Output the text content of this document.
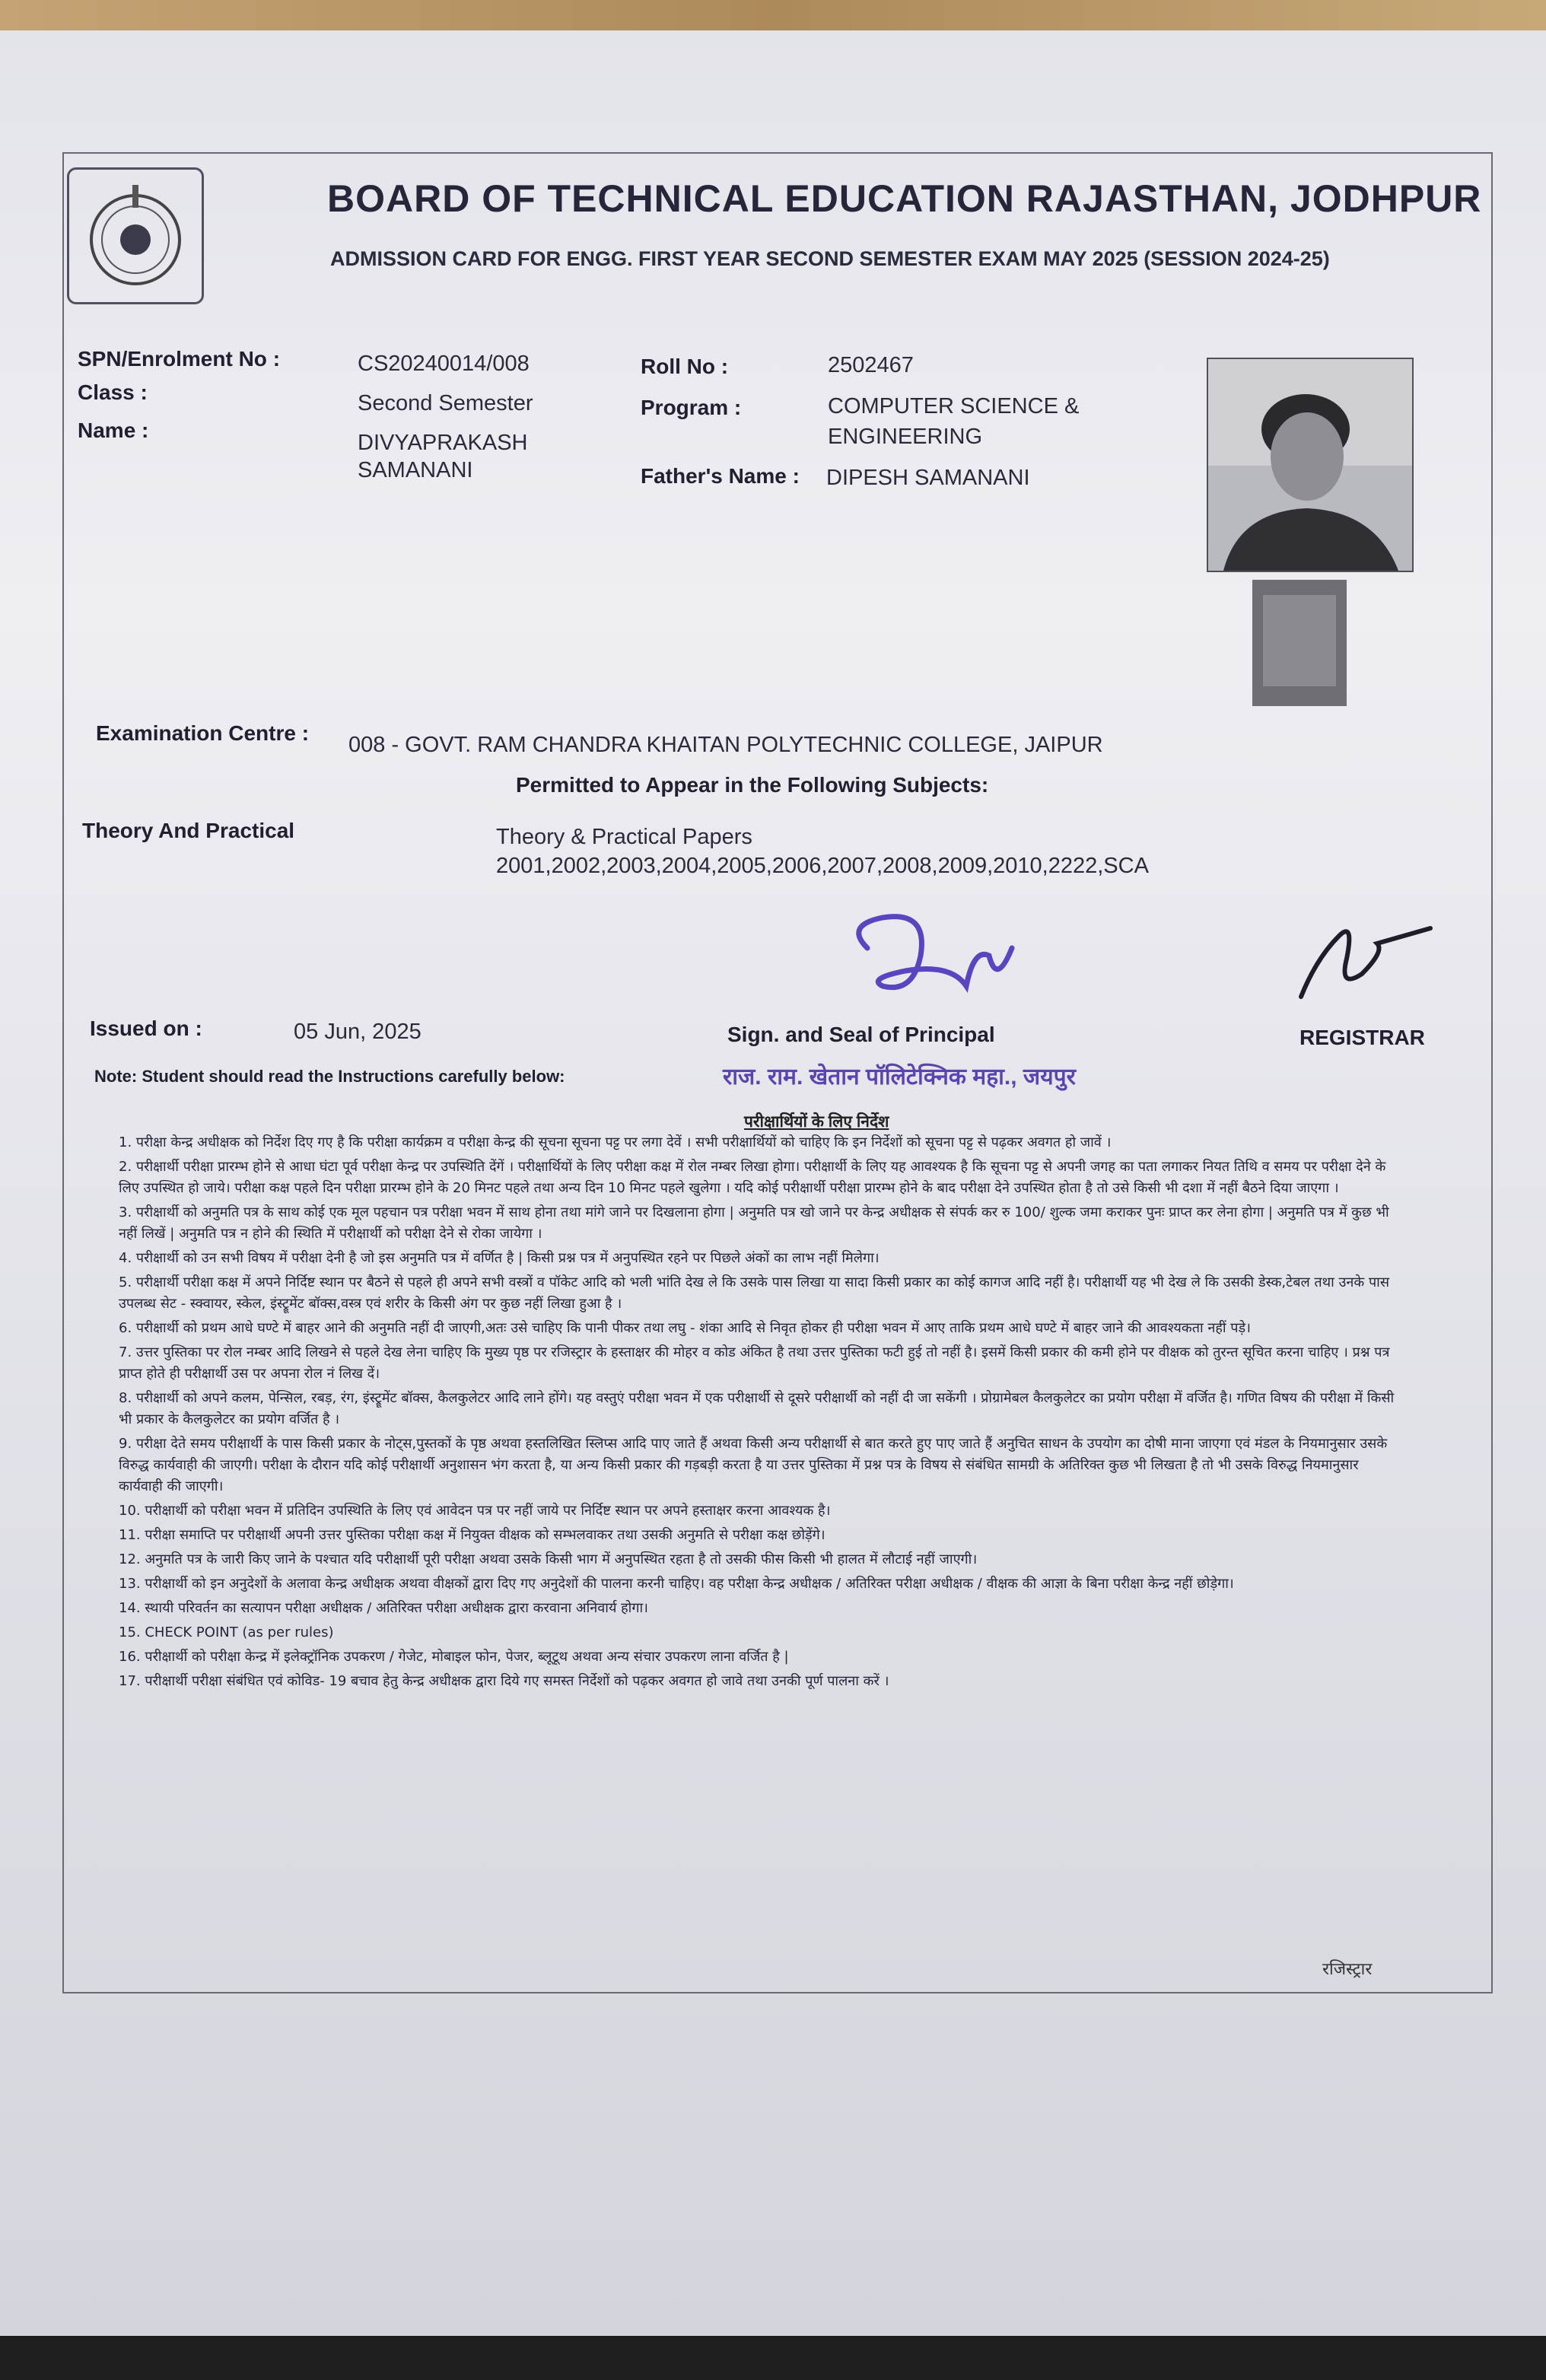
BOARD OF TECHNICAL EDUCATION RAJASTHAN, JODHPUR
ADMISSION CARD FOR ENGG. FIRST YEAR SECOND SEMESTER EXAM MAY 2025 (SESSION 2024-25)
SPN/Enrolment No :	CS20240014/008
Class :	Second Semester
Name :
DIVYAPRAKASH
SAMANANI
Roll No :	2502467
Program :	COMPUTER SCIENCE &
ENGINEERING
Father's Name : DIPESH SAMANANI
Examination Centre : 008 - GOVT. RAM CHANDRA KHAITAN POLYTECHNIC COLLEGE, JAIPUR
Permitted to Appear in the Following Subjects:
Theory And Practical	Theory & Practical Papers
2001,2002,2003,2004,2005,2006,2007,2008,2009,2010,2222,SCA
Issued on :	05 Jun, 2025	Sign. and Seal of Principal	REGISTRAR
Note: Student should read the Instructions carefully below:	राज. राम. खेतान पॉलिटेक्निक महा., जयपुर
परीक्षार्थियों के लिए निर्देश

1. परीक्षा केन्द्र अधीक्षक को निर्देश दिए गए है कि परीक्षा कार्यक्रम व परीक्षा केन्द्र की सूचना सूचना पट्ट पर लगा देवें । सभी परीक्षार्थियों को चाहिए कि इन निर्देशों को सूचना पट्ट से पढ़कर अवगत हो जावें ।

2. परीक्षार्थी परीक्षा प्रारम्भ होने से आधा घंटा पूर्व परीक्षा केन्द्र पर उपस्थिति देंगें । परीक्षार्थियों के लिए परीक्षा कक्ष में रोल नम्बर लिखा होगा। परीक्षार्थी के लिए यह आवश्यक है कि सूचना पट्ट से अपनी जगह का पता लगाकर नियत तिथि व समय पर परीक्षा देने के लिए उपस्थित हो जाये। परीक्षा कक्ष पहले दिन परीक्षा प्रारम्भ होने के 20 मिनट पहले तथा अन्य दिन 10 मिनट पहले खुलेगा । यदि कोई परीक्षार्थी परीक्षा प्रारम्भ होने के बाद परीक्षा देने उपस्थित होता है तो उसे किसी भी दशा में नहीं बैठने दिया जाएगा ।

3. परीक्षार्थी को अनुमति पत्र के साथ कोई एक मूल पहचान पत्र परीक्षा भवन में साथ होना तथा मांगे जाने पर दिखलाना होगा | अनुमति पत्र खो जाने पर केन्द्र अधीक्षक से संपर्क कर रु 100/ शुल्क जमा कराकर पुनः प्राप्त कर लेना होगा | अनुमति पत्र में कुछ भी नहीं लिखें | अनुमति पत्र न होने की स्थिति में परीक्षार्थी को परीक्षा देने से रोका जायेगा ।

4. परीक्षार्थी को उन सभी विषय में परीक्षा देनी है जो इस अनुमति पत्र में वर्णित है | किसी प्रश्न पत्र में अनुपस्थित रहने पर पिछले अंकों का लाभ नहीं मिलेगा।

5. परीक्षार्थी परीक्षा कक्ष में अपने निर्दिष्ट स्थान पर बैठने से पहले ही अपने सभी वस्त्रों व पॉकेट आदि को भली भांति देख ले कि उसके पास लिखा या सादा किसी प्रकार का कोई कागज आदि नहीं है। परीक्षार्थी यह भी देख ले कि उसकी डेस्क,टेबल तथा उनके पास उपलब्ध सेट - स्क्वायर, स्केल, इंस्ट्रूमेंट बॉक्स,वस्त्र एवं शरीर के किसी अंग पर कुछ नहीं लिखा हुआ है ।

6. परीक्षार्थी को प्रथम आधे घण्टे में बाहर आने की अनुमति नहीं दी जाएगी,अतः उसे चाहिए कि पानी पीकर तथा लघु - शंका आदि से निवृत होकर ही परीक्षा भवन में आए ताकि प्रथम आधे घण्टे में बाहर जाने की आवश्यकता नहीं पड़े।

7. उत्तर पुस्तिका पर रोल नम्बर आदि लिखने से पहले देख लेना चाहिए कि मुख्य पृष्ठ पर रजिस्ट्रार के हस्ताक्षर की मोहर व कोड अंकित है तथा उत्तर पुस्तिका फटी हुई तो नहीं है। इसमें किसी प्रकार की कमी होने पर वीक्षक को तुरन्त सूचित करना चाहिए । प्रश्न पत्र प्राप्त होते ही परीक्षार्थी उस पर अपना रोल नं लिख दें।

8. परीक्षार्थी को अपने कलम, पेन्सिल, रबड़, रंग, इंस्ट्रूमेंट बॉक्स, कैलकुलेटर आदि लाने होंगे। यह वस्तुएं परीक्षा भवन में एक परीक्षार्थी से दूसरे परीक्षार्थी को नहीं दी जा सकेंगी । प्रोग्रामेबल कैलकुलेटर का प्रयोग परीक्षा में वर्जित है। गणित विषय की परीक्षा में किसी भी प्रकार के कैलकुलेटर का प्रयोग वर्जित है ।

9. परीक्षा देते समय परीक्षार्थी के पास किसी प्रकार के नोट्स,पुस्तकों के पृष्ठ अथवा हस्तलिखित स्लिप्स आदि पाए जाते हैं अथवा किसी अन्य परीक्षार्थी से बात करते हुए पाए जाते हैं अनुचित साधन के उपयोग का दोषी माना जाएगा एवं मंडल के नियमानुसार उसके विरुद्ध कार्यवाही की जाएगी। परीक्षा के दौरान यदि कोई परीक्षार्थी अनुशासन भंग करता है, या अन्य किसी प्रकार की गड़बड़ी करता है या उत्तर पुस्तिका में प्रश्न पत्र के विषय से संबंधित सामग्री के अतिरिक्त कुछ भी लिखता है तो भी उसके विरुद्ध नियमानुसार कार्यवाही की जाएगी।

10. परीक्षार्थी को परीक्षा भवन में प्रतिदिन उपस्थिति के लिए एवं आवेदन पत्र पर नहीं जाये पर निर्दिष्ट स्थान पर अपने हस्ताक्षर करना आवश्यक है।

11. परीक्षा समाप्ति पर परीक्षार्थी अपनी उत्तर पुस्तिका परीक्षा कक्ष में नियुक्त वीक्षक को सम्भलवाकर तथा उसकी अनुमति से परीक्षा कक्ष छोड़ेंगे।

12. अनुमति पत्र के जारी किए जाने के पश्चात यदि परीक्षार्थी पूरी परीक्षा अथवा उसके किसी भाग में अनुपस्थित रहता है तो उसकी फीस किसी भी हालत में लौटाई नहीं जाएगी।

13. परीक्षार्थी को इन अनुदेशों के अलावा केन्द्र अधीक्षक अथवा वीक्षकों द्वारा दिए गए अनुदेशों की पालना करनी चाहिए। वह परीक्षा केन्द्र अधीक्षक / अतिरिक्त परीक्षा अधीक्षक / वीक्षक की आज्ञा के बिना परीक्षा केन्द्र नहीं छोड़ेगा।

14. स्थायी परिवर्तन का सत्यापन परीक्षा अधीक्षक / अतिरिक्त परीक्षा अधीक्षक द्वारा करवाना अनिवार्य होगा।

15. CHECK POINT (as per rules)

16. परीक्षार्थी को परीक्षा केन्द्र में इलेक्ट्रॉनिक उपकरण / गेजेट, मोबाइल फोन, पेजर, ब्लूटूथ अथवा अन्य संचार उपकरण लाना वर्जित है |

17. परीक्षार्थी परीक्षा संबंधित एवं कोविड- 19 बचाव हेतु केन्द्र अधीक्षक द्वारा दिये गए समस्त निर्देशों को पढ़कर अवगत हो जावे तथा उनकी पूर्ण पालना करें ।

रजिस्ट्रार
